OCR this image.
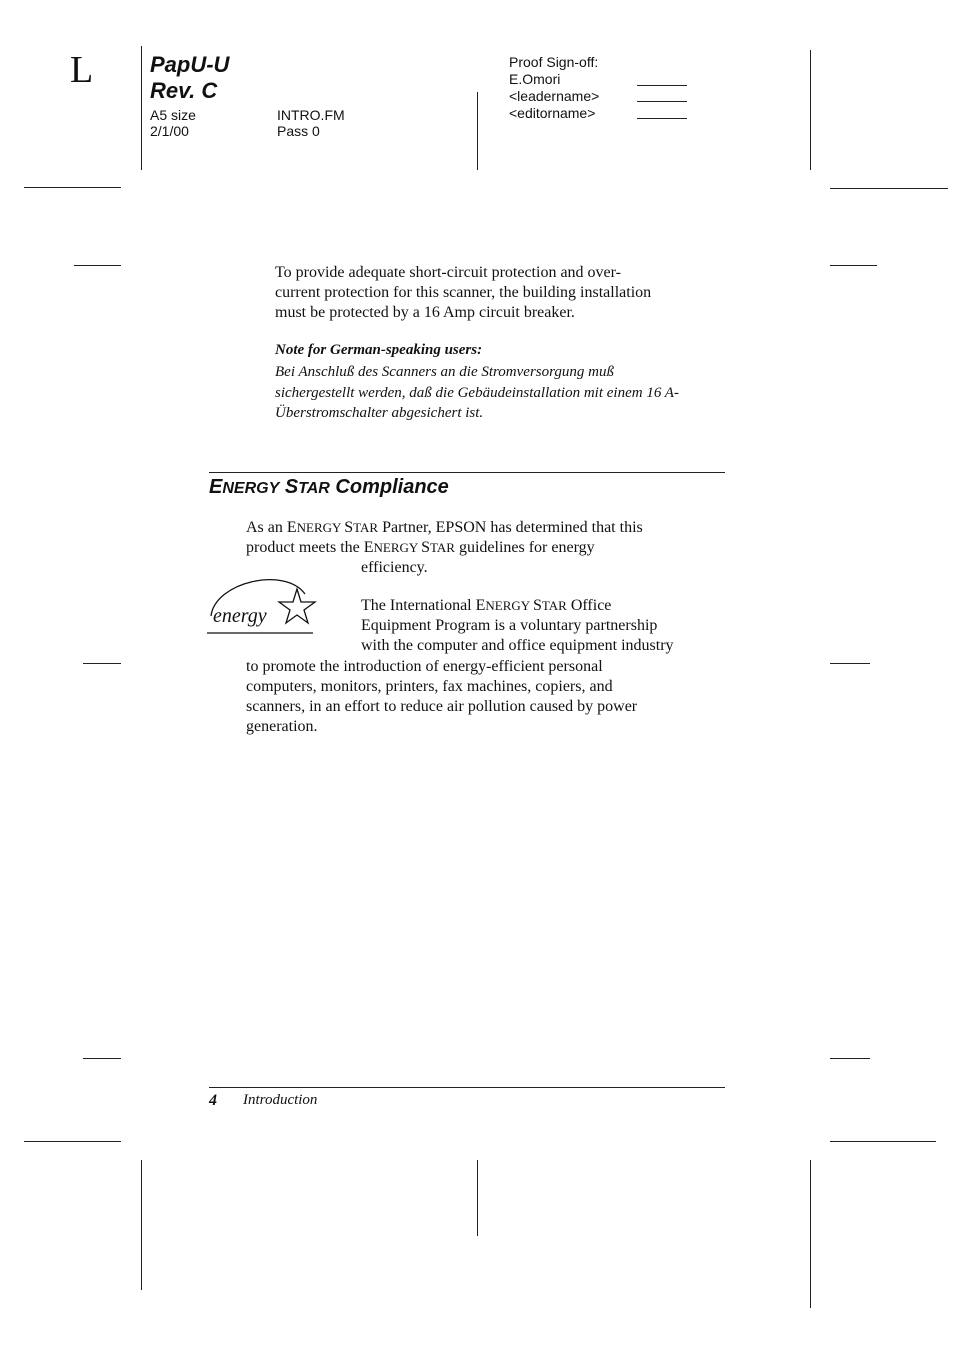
L	PapU-U
Rev. C
A5 size
2/1/00
INTRO.FM
Pass 0
Proof Sign-off:
E.Omori
<leadername>
<editorname>
To provide adequate short-circuit protection and over-
current protection for this scanner, the building installation
must be protected by a 16 Amp circuit breaker.
Note for German-speaking users:
Bei Anschluß des Scanners an die Stromversorgung muß
sichergestellt werden, daß die Gebäudeinstallation mit einem 16 A-
Überstromschalter abgesichert ist.
ENERGY STAR Compliance
As an ENERGY STAR Partner, EPSON has determined that this
product meets the ENERGY STAR guidelines for energy
efficiency.
energy	The International ENERGY STAR Office
Equipment Program is a voluntary partnership
with the computer and office equipment industry
to promote the introduction of energy-efficient personal
computers, monitors, printers, fax machines, copiers, and
scanners, in an effort to reduce air pollution caused by power
generation.
4 Introduction
